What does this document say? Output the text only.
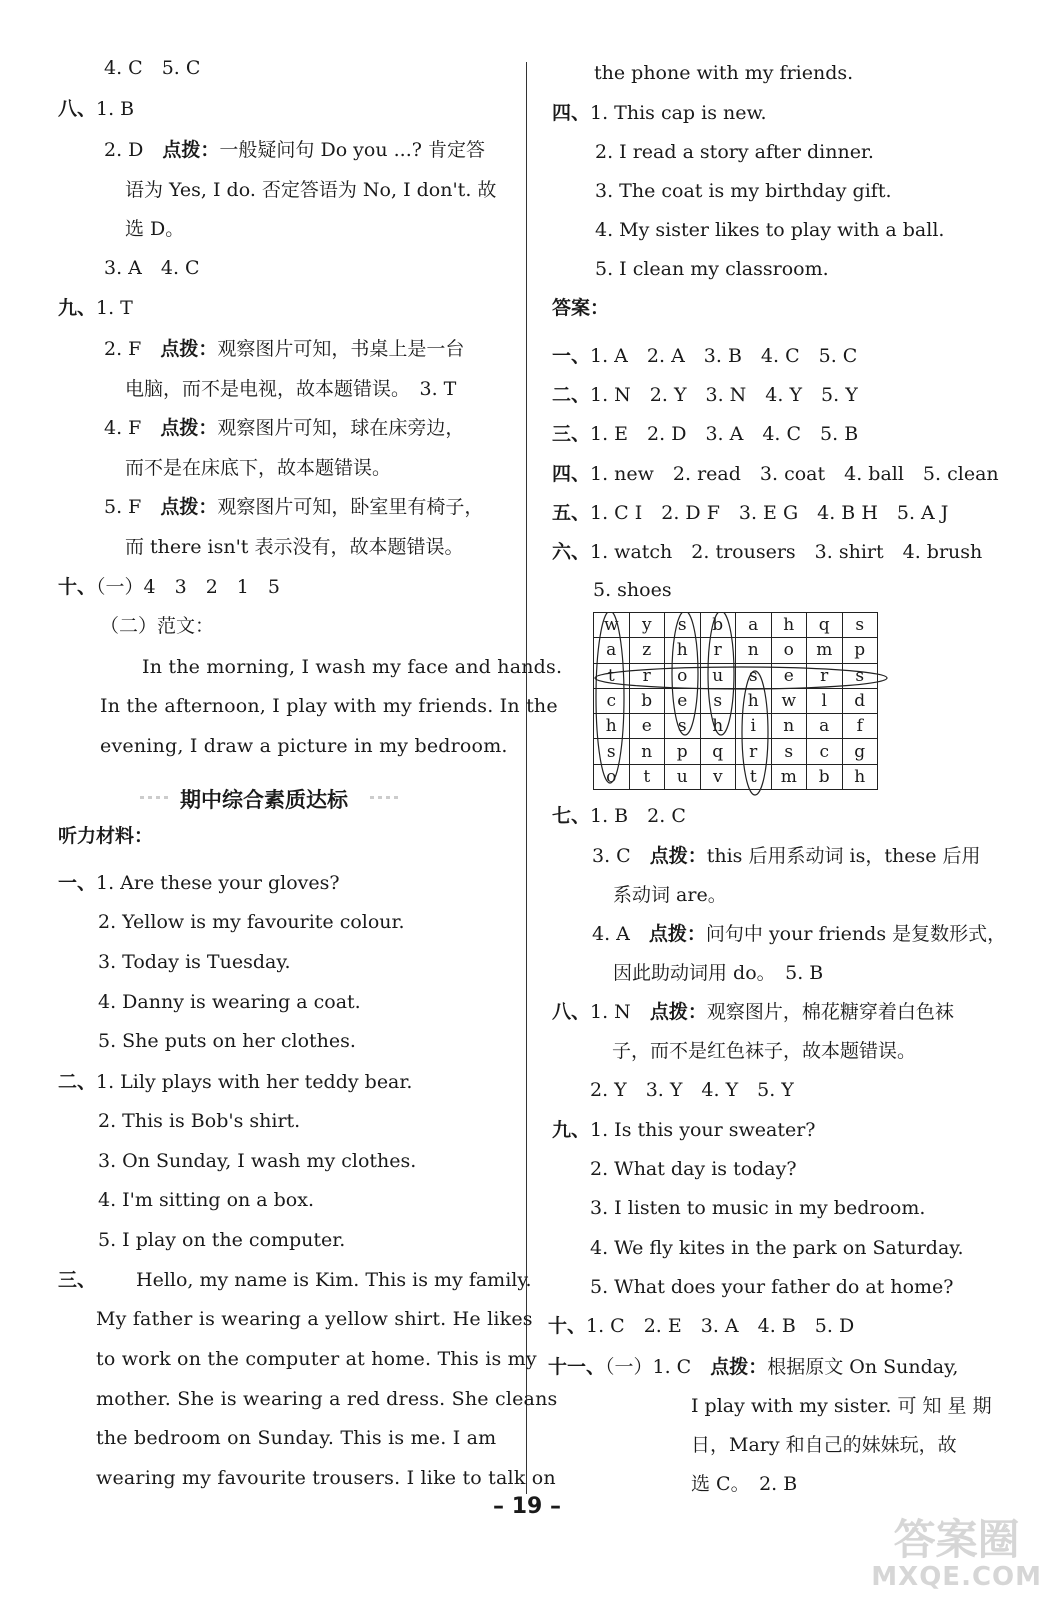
4. C　5. C
八、1. B
2. D　点拨：一般疑问句 Do you ...? 肯定答
语为 Yes, I do. 否定答语为 No, I don't. 故
选 D。
3. A　4. C
九、1. T
2. F　点拨：观察图片可知，书桌上是一台
电脑，而不是电视，故本题错误。　3. T
4. F　点拨：观察图片可知，球在床旁边，
而不是在床底下，故本题错误。
5. F　点拨：观察图片可知，卧室里有椅子，
而 there isn't 表示没有，故本题错误。
十、（一）4　3　2　1　5
（二）范文：
In the morning, I wash my face and hands.
In the afternoon, I play with my friends. In the
evening, I draw a picture in my bedroom.
期中综合素质达标
听力材料：
一、1. Are these your gloves?
2. Yellow is my favourite colour.
3. Today is Tuesday.
4. Danny is wearing a coat.
5. She puts on her clothes.
二、1. Lily plays with her teddy bear.
2. This is Bob's shirt.
3. On Sunday, I wash my clothes.
4. I'm sitting on a box.
5. I play on the computer.
三、 Hello, my name is Kim. This is my family.
My father is wearing a yellow shirt. He likes
to work on the computer at home. This is my
mother. She is wearing a red dress. She cleans
the bedroom on Sunday. This is me. I am
wearing my favourite trousers. I like to talk on
the phone with my friends.
四、1. This cap is new.
2. I read a story after dinner.
3. The coat is my birthday gift.
4. My sister likes to play with a ball.
5. I clean my classroom.
答案：
一、1. A　2. A　3. B　4. C　5. C
二、1. N　2. Y　3. N　4. Y　5. Y
三、1. E　2. D　3. A　4. C　5. B
四、1. new　2. read　3. coat　4. ball　5. clean
五、1. C I　2. D F　3. E G　4. B H　5. A J
六、1. watch　2. trousers　3. shirt　4. brush
5. shoes
w	y	s	b	a	h	q	s
a	z	h	r	n	o	m	p
t	r	o	u	s	e	r	s
c	b	e	s	h	w	l	d
h	e	s	h	i	n	a	f
s	n	p	q	r	s	c	g
o	t	u	v	t	m	b	h
七、1. B　2. C
3. C　点拨：this 后用系动词 is，these 后用
系动词 are。
4. A　点拨：问句中 your friends 是复数形式，
因此助动词用 do。　5. B
八、1. N　点拨：观察图片，棉花糖穿着白色袜
子，而不是红色袜子，故本题错误。
2. Y　3. Y　4. Y　5. Y
九、1. Is this your sweater?
2. What day is today?
3. I listen to music in my bedroom.
4. We fly kites in the park on Saturday.
5. What does your father do at home?
十、1. C　2. E　3. A　4. B　5. D
十一、（一）1. C　点拨：根据原文 On Sunday,
I play with my sister. 可 知 星 期
日，Mary 和自己的妹妹玩，故
选 C。　2. B
– 19 –
答案圈
MXQE.COM
